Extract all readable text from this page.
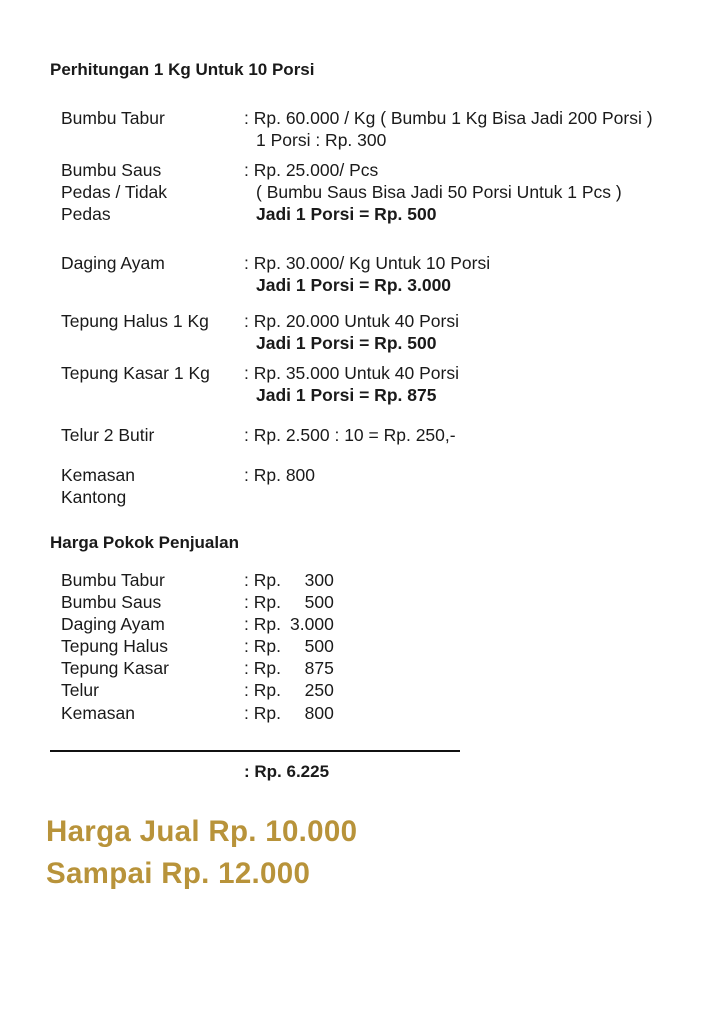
Perhitungan 1 Kg Untuk 10 Porsi
Bumbu Tabur	: Rp. 60.000 / Kg ( Bumbu 1 Kg Bisa Jadi 200 Porsi )
1 Porsi : Rp. 300
Bumbu Saus Pedas / Tidak Pedas
: Rp. 25.000/ Pcs
( Bumbu Saus Bisa Jadi 50 Porsi Untuk 1 Pcs )
Jadi 1 Porsi = Rp. 500
Daging Ayam	: Rp. 30.000/ Kg Untuk 10 Porsi
Jadi 1 Porsi = Rp. 3.000
Tepung Halus 1 Kg : Rp. 20.000 Untuk 40 Porsi
Jadi 1 Porsi = Rp. 500
Tepung Kasar 1 Kg : Rp. 35.000 Untuk 40 Porsi
Jadi 1 Porsi = Rp. 875
Telur 2 Butir	: Rp. 2.500 : 10 = Rp. 250,-
Kemasan Kantong
: Rp. 800
Harga Pokok Penjualan
Bumbu Tabur	: Rp. 300
Bumbu Saus	: Rp. 500
Daging Ayam	: Rp. 3.000
Tepung Halus	: Rp. 500
Tepung Kasar	: Rp. 875
Telur	: Rp. 250
Kemasan	: Rp. 800
: Rp. 6.225
Harga Jual Rp. 10.000
Sampai Rp. 12.000
